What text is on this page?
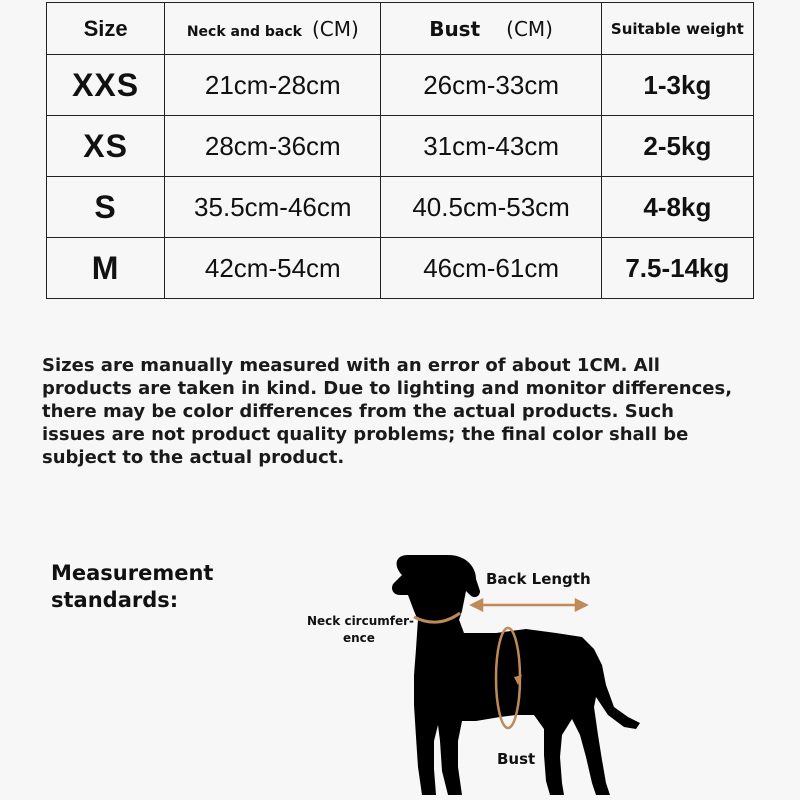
Size	Neck and back (CM)	Bust (CM)	Suitable weight
XXS	21cm-28cm	26cm-33cm	1-3kg
XS	28cm-36cm	31cm-43cm	2-5kg
S	35.5cm-46cm	40.5cm-53cm	4-8kg
M	42cm-54cm	46cm-61cm	7.5-14kg

Sizes are manually measured with an error of about 1CM. All products are taken in kind. Due to lighting and monitor differences, there may be color differences from the actual products. Such issues are not product quality problems; the final color shall be subject to the actual product.

Measurement
standards:

Back Length
Neck circumfer-
ence
Bust
